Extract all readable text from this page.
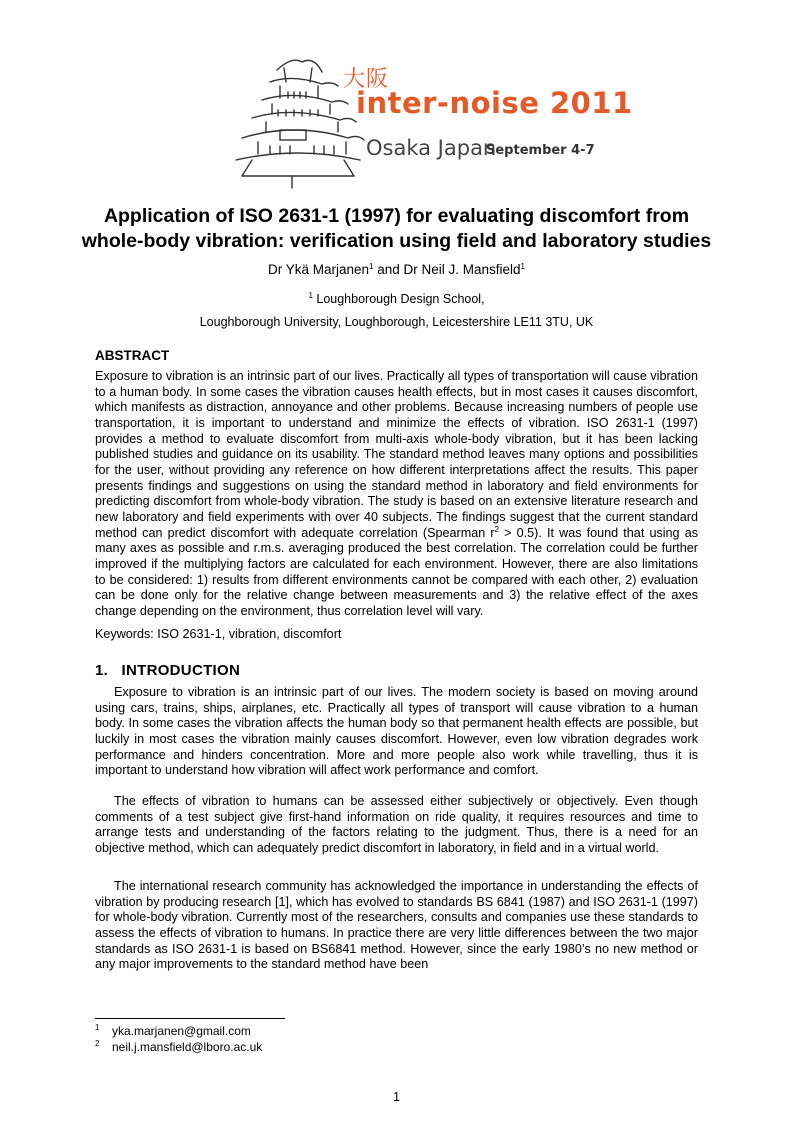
大阪
inter-noise 2011
Osaka Japan
September 4-7
Application of ISO 2631-1 (1997) for evaluating discomfort from
whole-body vibration: verification using field and laboratory studies
Dr Ykä Marjanen$^1$ and Dr Neil J. Mansfield$^1$
$^1$ Loughborough Design School,
Loughborough University, Loughborough, Leicestershire LE11 3TU, UK
ABSTRACT

Exposure to vibration is an intrinsic part of our lives. Practically all types of transportation will cause vibration to a human body. In some cases the vibration causes health effects, but in most cases it causes discomfort, which manifests as distraction, annoyance and other problems. Because increasing numbers of people use transportation, it is important to understand and minimize the effects of vibration. ISO 2631-1 (1997) provides a method to evaluate discomfort from multi-axis whole-body vibration, but it has been lacking published studies and guidance on its usability. The standard method leaves many options and possibilities for the user, without providing any reference on how different interpretations affect the results. This paper presents findings and suggestions on using the standard method in laboratory and field environments for predicting discomfort from whole-body vibration. The study is based on an extensive literature research and new laboratory and field experiments with over 40 subjects. The findings suggest that the current standard method can predict discomfort with adequate correlation (Spearman $r^2 > 0.5$). It was found that using as many axes as possible and r.m.s. averaging produced the best correlation. The correlation could be further improved if the multiplying factors are calculated for each environment. However, there are also limitations to be considered: 1) results from different environments cannot be compared with each other, 2) evaluation can be done only for the relative change between measurements and 3) the relative effect of the axes change depending on the environment, thus correlation level will vary.

Keywords: ISO 2631-1, vibration, discomfort
1.   INTRODUCTION

Exposure to vibration is an intrinsic part of our lives. The modern society is based on moving around using cars, trains, ships, airplanes, etc. Practically all types of transport will cause vibration to a human body. In some cases the vibration affects the human body so that permanent health effects are possible, but luckily in most cases the vibration mainly causes discomfort. However, even low vibration degrades work performance and hinders concentration. More and more people also work while travelling, thus it is important to understand how vibration will affect work performance and comfort.

The effects of vibration to humans can be assessed either subjectively or objectively. Even though comments of a test subject give first-hand information on ride quality, it requires resources and time to arrange tests and understanding of the factors relating to the judgment. Thus, there is a need for an objective method, which can adequately predict discomfort in laboratory, in field and in a virtual world.

The international research community has acknowledged the importance in understanding the effects of vibration by producing research [1], which has evolved to standards BS 6841 (1987) and ISO 2631-1 (1997) for whole-body vibration. Currently most of the researchers, consults and companies use these standards to assess the effects of vibration to humans. In practice there are very little differences between the two major standards as ISO 2631-1 is based on BS6841 method. However, since the early 1980’s no new method or any major improvements to the standard method have been

1 yka.marjanen@gmail.com
2 neil.j.mansfield@lboro.ac.uk
1
